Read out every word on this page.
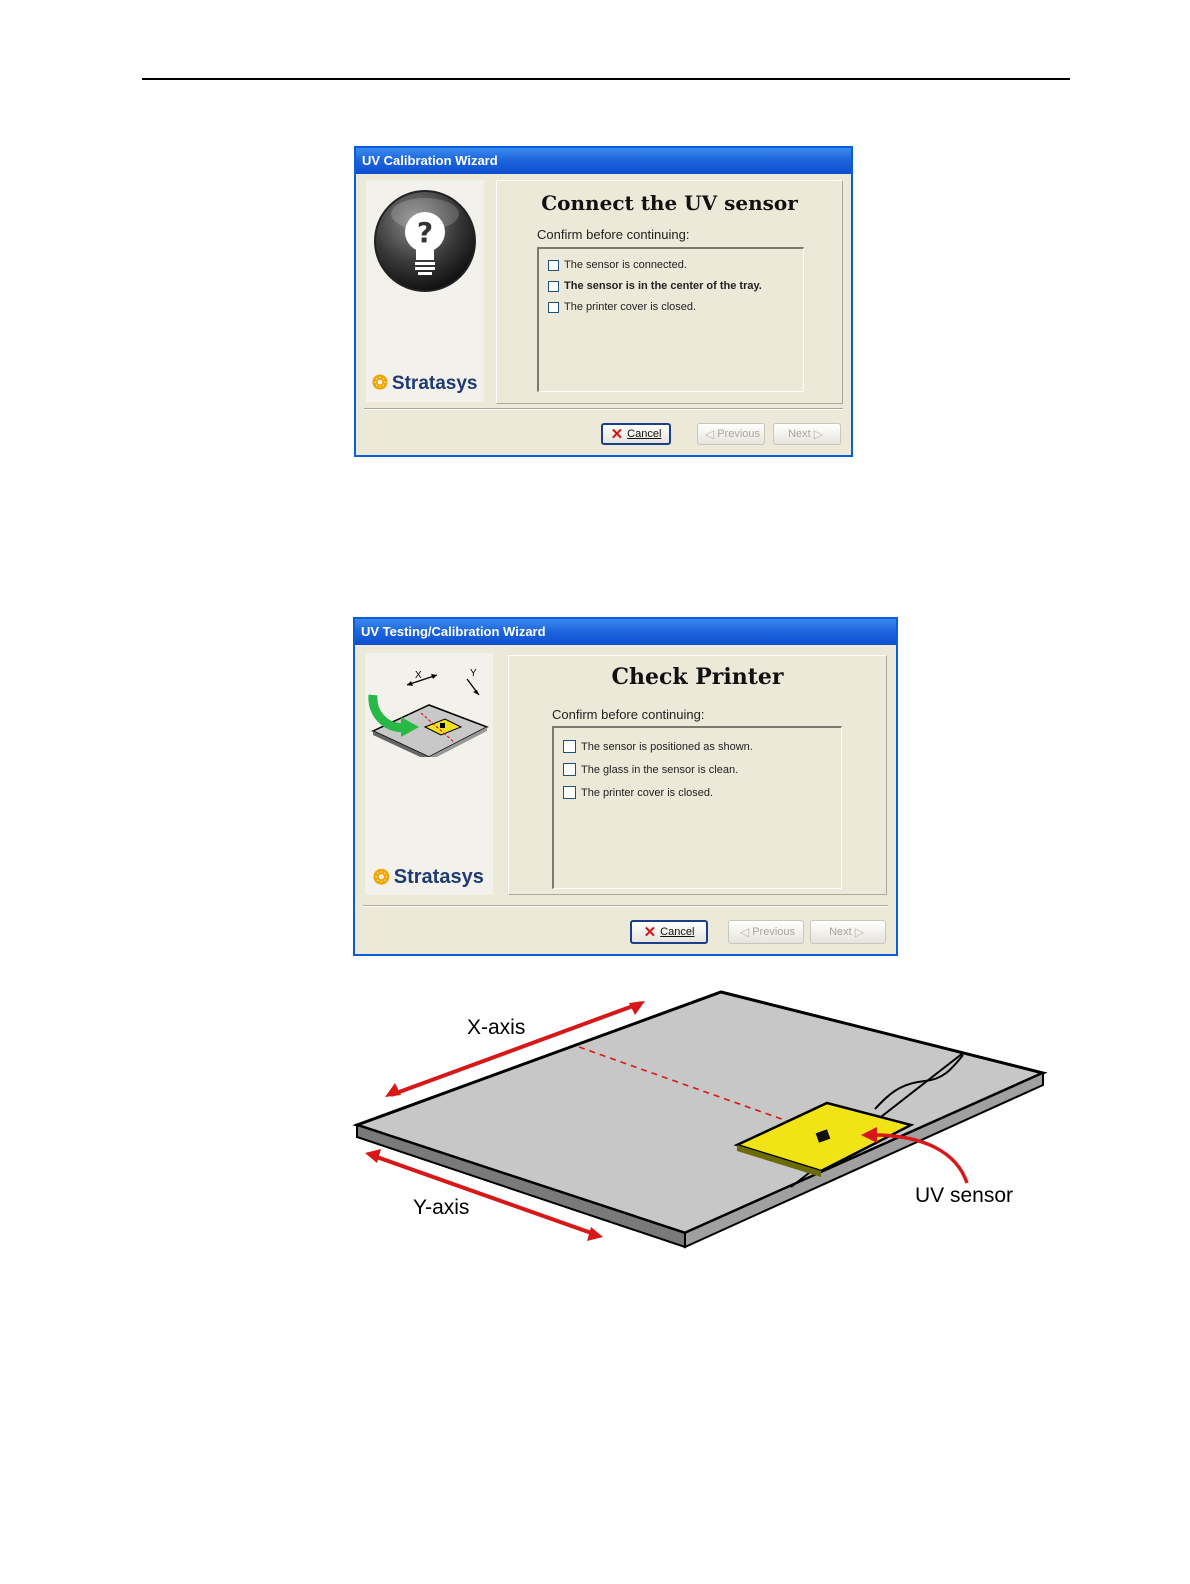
UV Calibration Wizard
?
❂ Stratasys
Connect the UV sensor
Confirm before continuing:
The sensor is connected.
The sensor is in the center of the tray.
The printer cover is closed.
✕ Cancel	◁ Previous	Next ▷
UV Testing/Calibration Wizard
X	Y
❂ Stratasys
Check Printer
Confirm before continuing:
The sensor is positioned as shown.
The glass in the sensor is clean.
The printer cover is closed.
✕ Cancel	◁ Previous	Next ▷
X-axis
Y-axis
UV sensor
